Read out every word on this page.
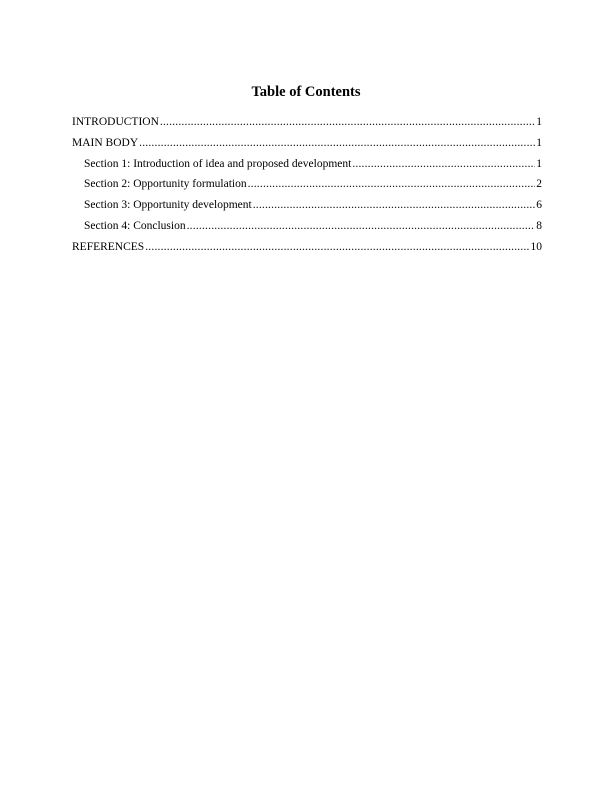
Table of Contents
INTRODUCTION .....	1
MAIN BODY .....	1
Section 1: Introduction of idea and proposed development .....	1
Section 2: Opportunity formulation .....	2
Section 3: Opportunity development .....	6
Section 4: Conclusion .....	8
REFERENCES .....	10
